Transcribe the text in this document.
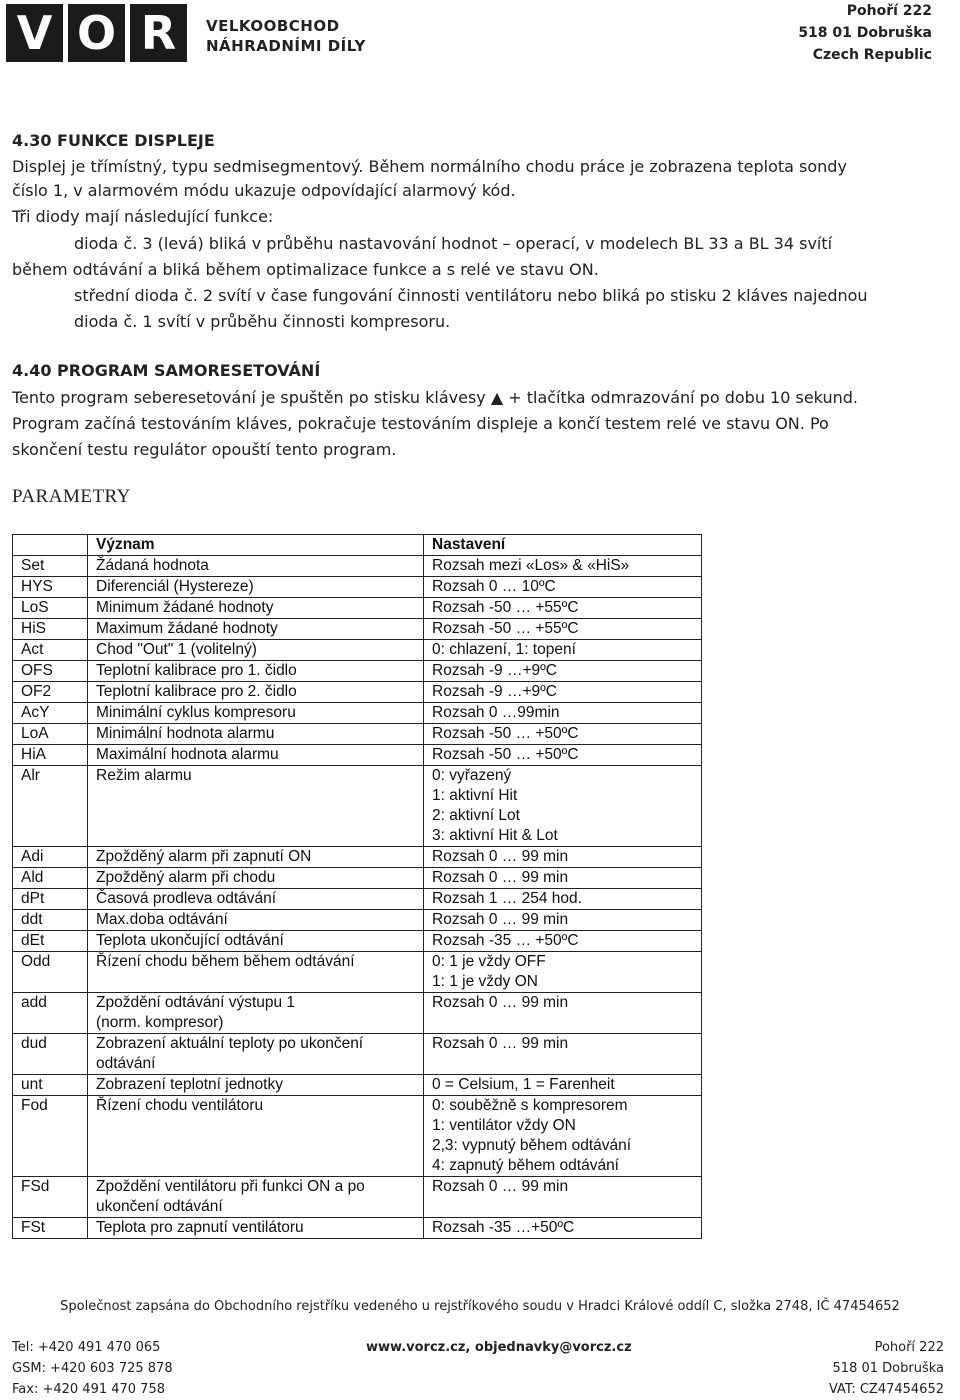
V O R	VELKOOBCHOD
NÁHRADNÍMI DÍLY
Pohoří 222
518 01 Dobruška
Czech Republic
4.30 FUNKCE DISPLEJE
Displej je třímístný, typu sedmisegmentový. Během normálního chodu práce je zobrazena teplota sondy
číslo 1, v alarmovém módu ukazuje odpovídající alarmový kód.
Tři diody mají následující funkce:
dioda č. 3 (levá) bliká v průběhu nastavování hodnot – operací, v modelech BL 33 a BL 34 svítí
během odtávání a bliká během optimalizace funkce a s relé ve stavu ON.
střední dioda č. 2 svítí v čase fungování činnosti ventilátoru nebo bliká po stisku 2 kláves najednou
dioda č. 1 svítí v průběhu činnosti kompresoru.
4.40 PROGRAM SAMORESETOVÁNÍ
Tento program seberesetování je spuštěn po stisku klávesy ▲ + tlačítka odmrazování po dobu 10 sekund.
Program začíná testováním kláves, pokračuje testováním displeje a končí testem relé ve stavu ON. Po
skončení testu regulátor opouští tento program.
PARAMETRY
	Význam	Nastavení
Set	Žádaná hodnota	Rozsah mezi «Los» & «HiS»
HYS	Diferenciál (Hystereze)	Rozsah 0 … 10ºC
LoS	Minimum žádané hodnoty	Rozsah -50 … +55ºC
HiS	Maximum žádané hodnoty	Rozsah -50 … +55ºC
Act	Chod "Out" 1 (volitelný)	0: chlazení, 1: topení
OFS	Teplotní kalibrace pro 1. čidlo	Rozsah -9 …+9ºC
OF2	Teplotní kalibrace pro 2. čidlo	Rozsah -9 …+9ºC
AcY	Minimální cyklus kompresoru	Rozsah 0 …99min
LoA	Minimální hodnota alarmu	Rozsah -50 … +50ºC
HiA	Maximální hodnota alarmu	Rozsah -50 … +50ºC
Alr	Režim alarmu	0: vyřazený
1: aktivní Hit
2: aktivní Lot
3: aktivní Hit & Lot
Adi	Zpožděný alarm při zapnutí ON	Rozsah 0 … 99 min
Ald	Zpožděný alarm při chodu	Rozsah 0 … 99 min
dPt	Časová prodleva odtávání	Rozsah 1 … 254 hod.
ddt	Max.doba odtávání	Rozsah 0 … 99 min
dEt	Teplota ukončující odtávání	Rozsah -35 … +50ºC
Odd	Řízení chodu během během odtávání	0: 1 je vždy OFF
1: 1 je vždy ON
add	Zpoždění odtávání výstupu 1
(norm. kompresor)	Rozsah 0 … 99 min
dud	Zobrazení aktuální teploty po ukončení
odtávání	Rozsah 0 … 99 min
unt	Zobrazení teplotní jednotky	0 = Celsium, 1 = Farenheit
Fod	Řízení chodu ventilátoru	0: souběžně s kompresorem
1: ventilátor vždy ON
2,3: vypnutý během odtávání
4: zapnutý během odtávání
FSd	Zpoždění ventilátoru při funkci ON a po
ukončení odtávání	Rozsah 0 … 99 min
FSt	Teplota pro zapnutí ventilátoru	Rozsah -35 …+50ºC
Společnost zapsána do Obchodního rejstříku vedeného u rejstříkového soudu v Hradci Králové oddíl C, složka 2748, IČ 47454652
Tel: +420 491 470 065
GSM: +420 603 725 878
Fax: +420 491 470 758
www.vorcz.cz, objednavky@vorcz.cz	Pohoří 222
518 01 Dobruška
VAT: CZ47454652
